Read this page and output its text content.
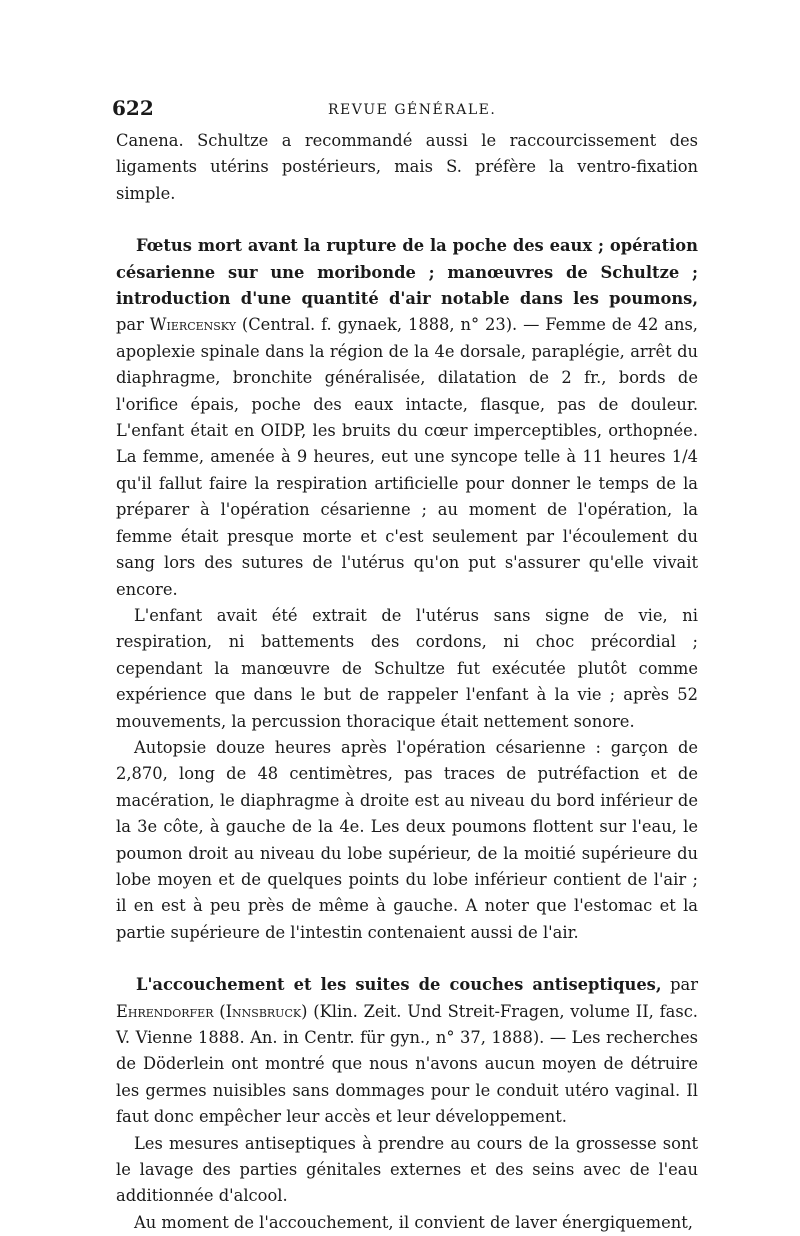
622	REVUE GÉNÉRALE.

Canena. Schultze a recommandé aussi le raccourcissement des ligaments utérins postérieurs, mais S. préfère la ventro-fixation simple.

Fœtus mort avant la rupture de la poche des eaux ; opération césarienne sur une moribonde ; manœuvres de Schultze ; introduction d'une quantité d'air notable dans les poumons, par Wiercensky (Central. f. gynaek, 1888, n° 23). — Femme de 42 ans, apoplexie spinale dans la région de la 4e dorsale, paraplégie, arrêt du diaphragme, bronchite généralisée, dilatation de 2 fr., bords de l'orifice épais, poche des eaux intacte, flasque, pas de douleur. L'enfant était en OIDP, les bruits du cœur imperceptibles, orthopnée. La femme, amenée à 9 heures, eut une syncope telle à 11 heures 1/4 qu'il fallut faire la respiration artificielle pour donner le temps de la préparer à l'opération césarienne ; au moment de l'opération, la femme était presque morte et c'est seulement par l'écoulement du sang lors des sutures de l'utérus qu'on put s'assurer qu'elle vivait encore.

L'enfant avait été extrait de l'utérus sans signe de vie, ni respiration, ni battements des cordons, ni choc précordial ; cependant la manœuvre de Schultze fut exécutée plutôt comme expérience que dans le but de rappeler l'enfant à la vie ; après 52 mouvements, la percussion thoracique était nettement sonore.

Autopsie douze heures après l'opération césarienne : garçon de 2,870, long de 48 centimètres, pas traces de putréfaction et de macération, le diaphragme à droite est au niveau du bord inférieur de la 3e côte, à gauche de la 4e. Les deux poumons flottent sur l'eau, le poumon droit au niveau du lobe supérieur, de la moitié supérieure du lobe moyen et de quelques points du lobe inférieur contient de l'air ; il en est à peu près de même à gauche. A noter que l'estomac et la partie supérieure de l'intestin contenaient aussi de l'air.

L'accouchement et les suites de couches antiseptiques, par Ehrendorfer (Innsbruck) (Klin. Zeit. Und Streit-Fragen, volume II, fasc. V. Vienne 1888. An. in Centr. für gyn., n° 37, 1888). — Les recherches de Döderlein ont montré que nous n'avons aucun moyen de détruire les germes nuisibles sans dommages pour le conduit utéro vaginal. Il faut donc empêcher leur accès et leur développement.

Les mesures antiseptiques à prendre au cours de la grossesse sont le lavage des parties génitales externes et des seins avec de l'eau additionnée d'alcool.

Au moment de l'accouchement, il convient de laver énergiquement,
